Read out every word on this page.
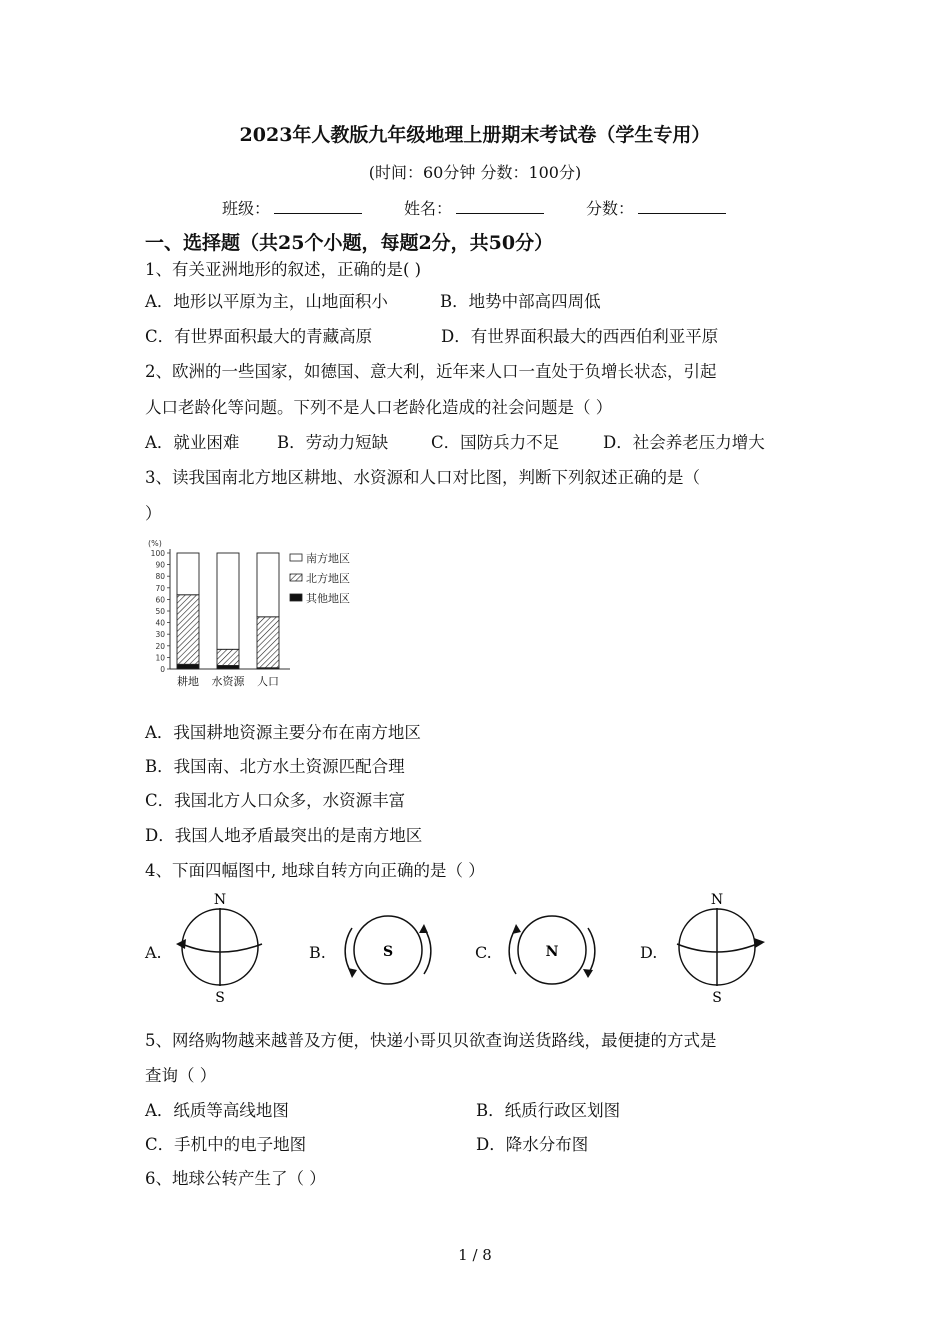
2023年人教版九年级地理上册期末考试卷（学生专用）
(时间：60分钟 分数：100分)
班级：	姓名：	分数：
一、选择题（共25个小题，每题2分，共50分）
1、有关亚洲地形的叙述，正确的是( )
A．地形以平原为主，山地面积小	B．地势中部高四周低
C．有世界面积最大的青藏高原	D．有世界面积最大的西西伯利亚平原
2、欧洲的一些国家，如德国、意大利，近年来人口一直处于负增长状态，引起
人口老龄化等问题。下列不是人口老龄化造成的社会问题是（ ）
A．就业困难 B．劳动力短缺	C．国防兵力不足	D．社会养老压力增大
3、读我国南北方地区耕地、水资源和人口对比图，判断下列叙述正确的是（
）
(%)
0
10
20
30
40
50
60
70
80
90
100
耕地 水资源 人口
南方地区
北方地区
其他地区
A．我国耕地资源主要分布在南方地区
B．我国南、北方水土资源匹配合理
C．我国北方人口众多，水资源丰富
D．我国人地矛盾最突出的是南方地区
4、下面四幅图中, 地球自转方向正确的是（ ）
A.	B.	C.	D.
N
S
S	N
N
S
5、网络购物越来越普及方便，快递小哥贝贝欲查询送货路线，最便捷的方式是
查询（ ）
A．纸质等高线地图	B．纸质行政区划图
C．手机中的电子地图	D．降水分布图
6、地球公转产生了（ ）
1 / 8
